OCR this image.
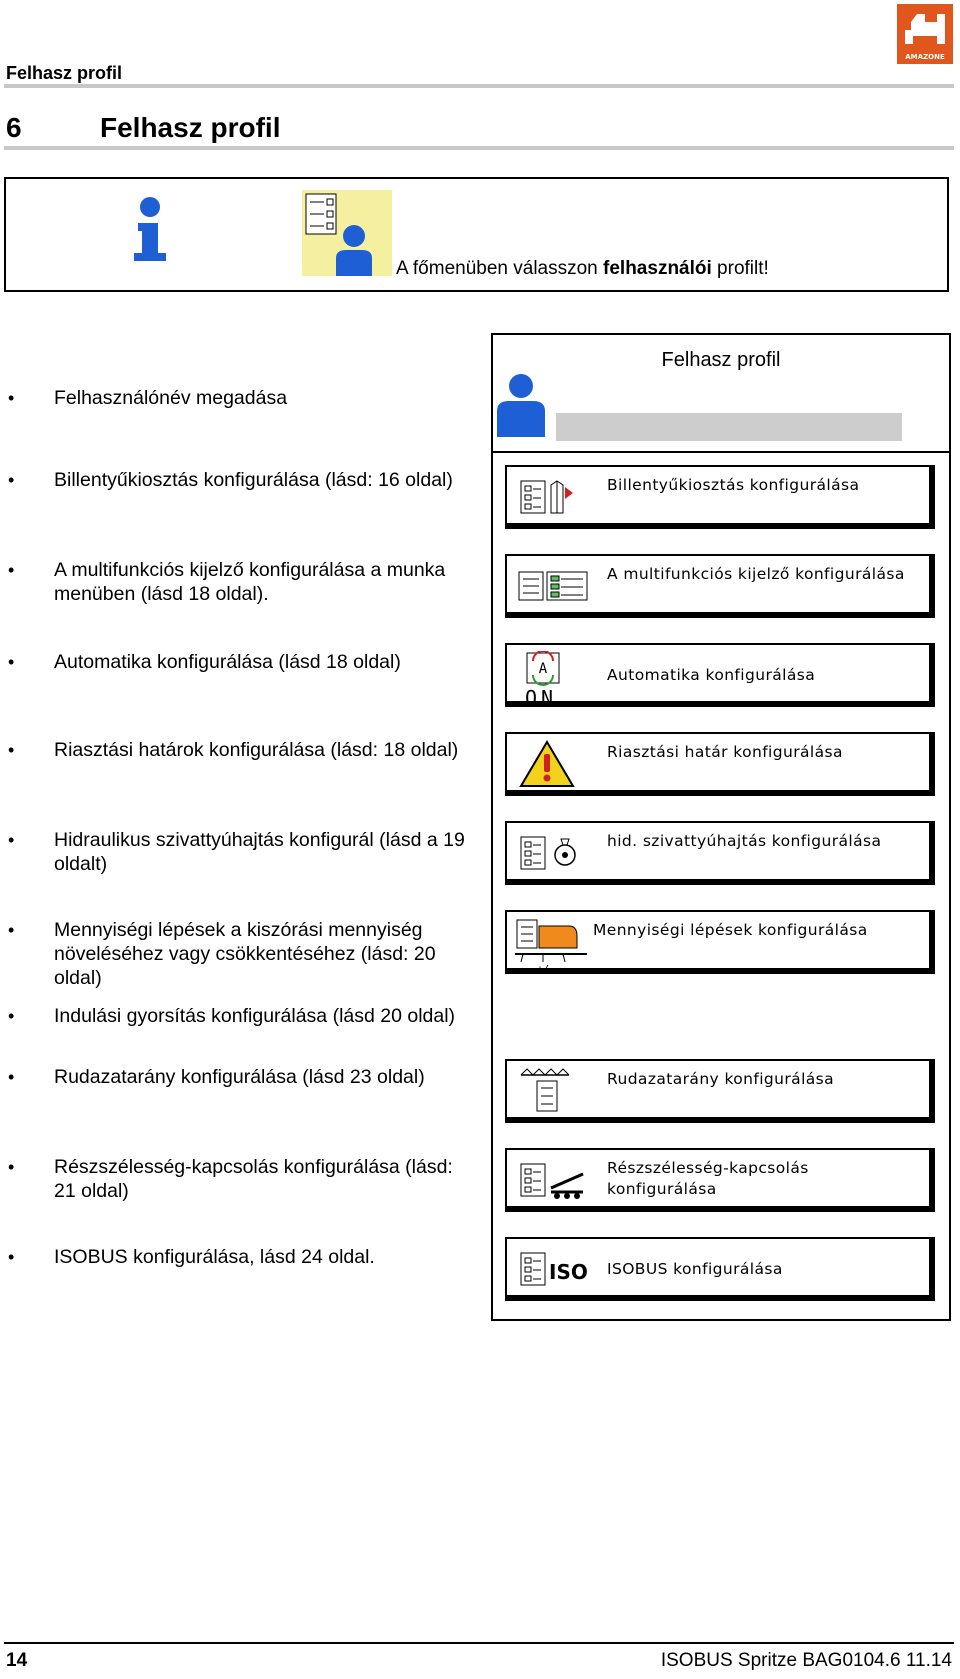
AMAZONE
Felhasz profil
6	Felhasz profil
A főmenüben válasszon felhasználói profilt!
Felhasz profil
• Felhasználónév megadása
• Billentyűkiosztás konfigurálása (lásd: 16 oldal)
• A multifunkciós kijelző konfigurálása a munka menüben (lásd 18 oldal).
• Automatika konfigurálása (lásd 18 oldal)
• Riasztási határok konfigurálása (lásd: 18 oldal)
• Hidraulikus szivattyúhajtás konfigurál (lásd a 19 oldalt)
• Mennyiségi lépések a kiszórási mennyiség növeléséhez vagy csökkentéséhez (lásd: 20 oldal)
• Indulási gyorsítás konfigurálása (lásd 20 oldal)
• Rudazatarány konfigurálása (lásd 23 oldal)
• Részszélesség-kapcsolás konfigurálása (lásd: 21 oldal)
• ISOBUS konfigurálása, lásd 24 oldal.
Billentyűkiosztás konfigurálása
A multifunkciós kijelző konfigurálása
A
ON
Automatika konfigurálása
Riasztási határ konfigurálása
hid. szivattyúhajtás konfigurálása
+/-
Mennyiségi lépések konfigurálása
Rudazatarány konfigurálása
Részszélesség-kapcsolás konfigurálása
ISO ISOBUS konfigurálása
14	ISOBUS Spritze BAG0104.6 11.14
